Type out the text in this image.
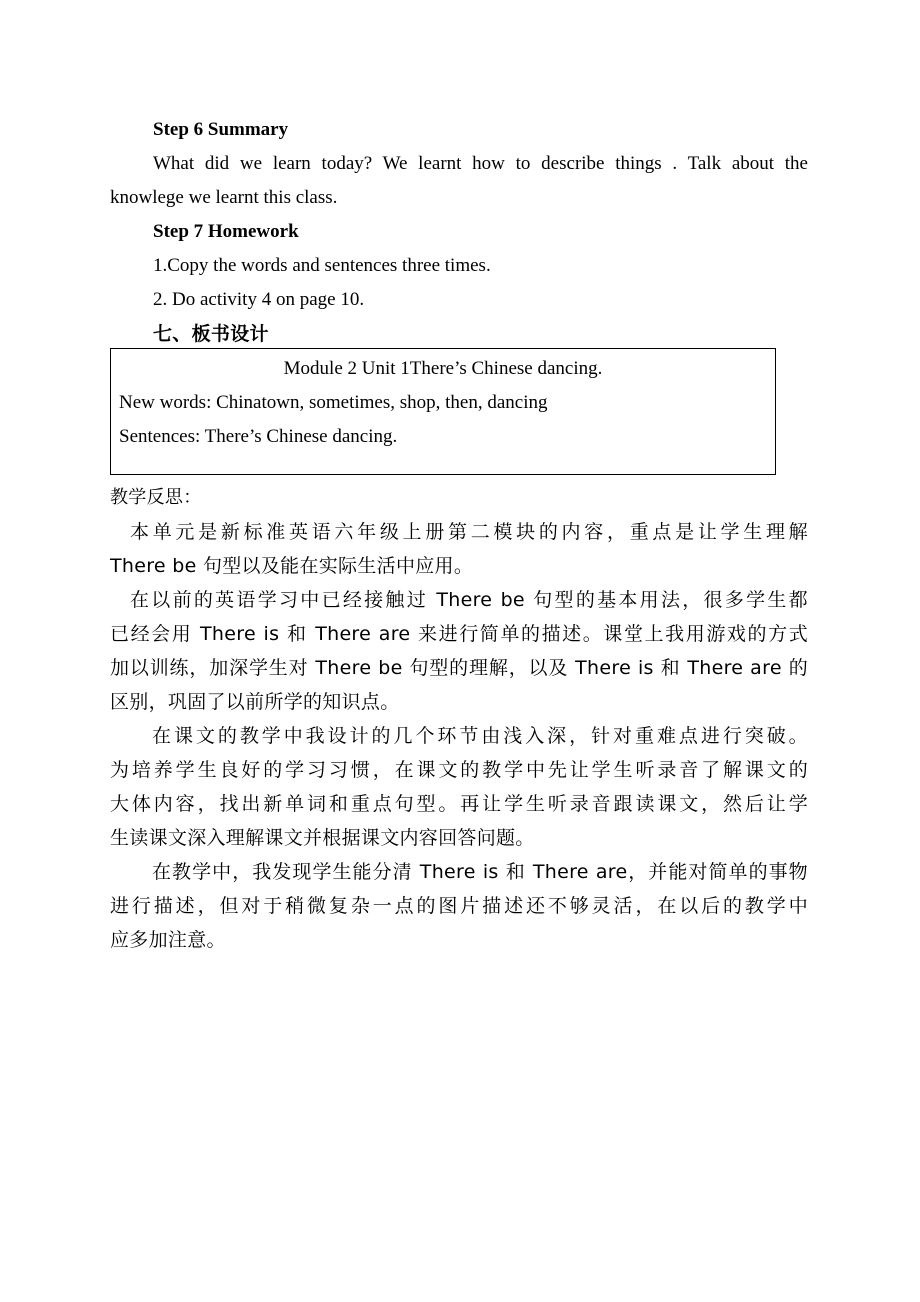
Step 6 Summary
What did we learn today? We learnt how to describe things . Talk about the
knowlege we learnt this class.
Step 7 Homework
1.Copy the words and sentences three times.
2. Do activity 4 on page 10.
七、板书设计
Module 2 Unit 1There’s Chinese dancing.
New words: Chinatown, sometimes, shop, then, dancing
Sentences: There’s Chinese dancing.
教学反思：
本单元是新标准英语六年级上册第二模块的内容，重点是让学生理解
There be 句型以及能在实际生活中应用。
在以前的英语学习中已经接触过 There be 句型的基本用法，很多学生都
已经会用 There is 和 There are 来进行简单的描述。课堂上我用游戏的方式
加以训练，加深学生对 There be 句型的理解，以及 There is 和 There are 的
区别，巩固了以前所学的知识点。
在课文的教学中我设计的几个环节由浅入深，针对重难点进行突破。
为培养学生良好的学习习惯，在课文的教学中先让学生听录音了解课文的
大体内容，找出新单词和重点句型。再让学生听录音跟读课文，然后让学
生读课文深入理解课文并根据课文内容回答问题。
在教学中，我发现学生能分清 There is 和 There are，并能对简单的事物
进行描述，但对于稍微复杂一点的图片描述还不够灵活，在以后的教学中
应多加注意。
